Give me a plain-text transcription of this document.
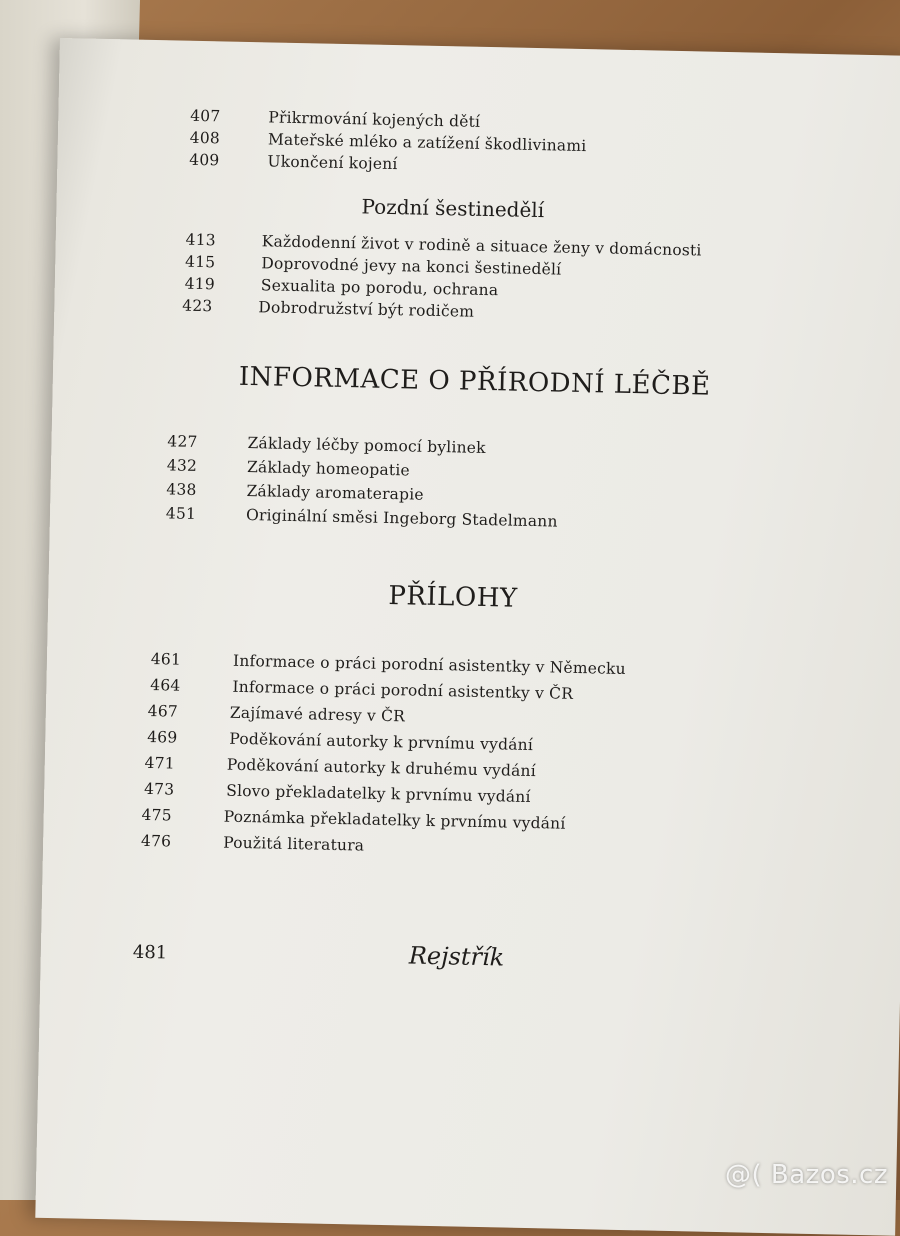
407	Přikrmování kojených dětí
408	Mateřské mléko a zatížení škodlivinami
409	Ukončení kojení
Pozdní šestinedělí
413	Každodenní život v rodině a situace ženy v domácnosti
415	Doprovodné jevy na konci šestinedělí
419	Sexualita po porodu, ochrana
423	Dobrodružství být rodičem
INFORMACE O PŘÍRODNÍ LÉČBĚ
427	Základy léčby pomocí bylinek
432	Základy homeopatie
438	Základy aromaterapie
451	Originální směsi Ingeborg Stadelmann
PŘÍLOHY
461	Informace o práci porodní asistentky v Německu
464	Informace o práci porodní asistentky v ČR
467	Zajímavé adresy v ČR
469	Poděkování autorky k prvnímu vydání
471	Poděkování autorky k druhému vydání
473	Slovo překladatelky k prvnímu vydání
475	Poznámka překladatelky k prvnímu vydání
476	Použitá literatura
481	Rejstřík
@( Bazos.cz
